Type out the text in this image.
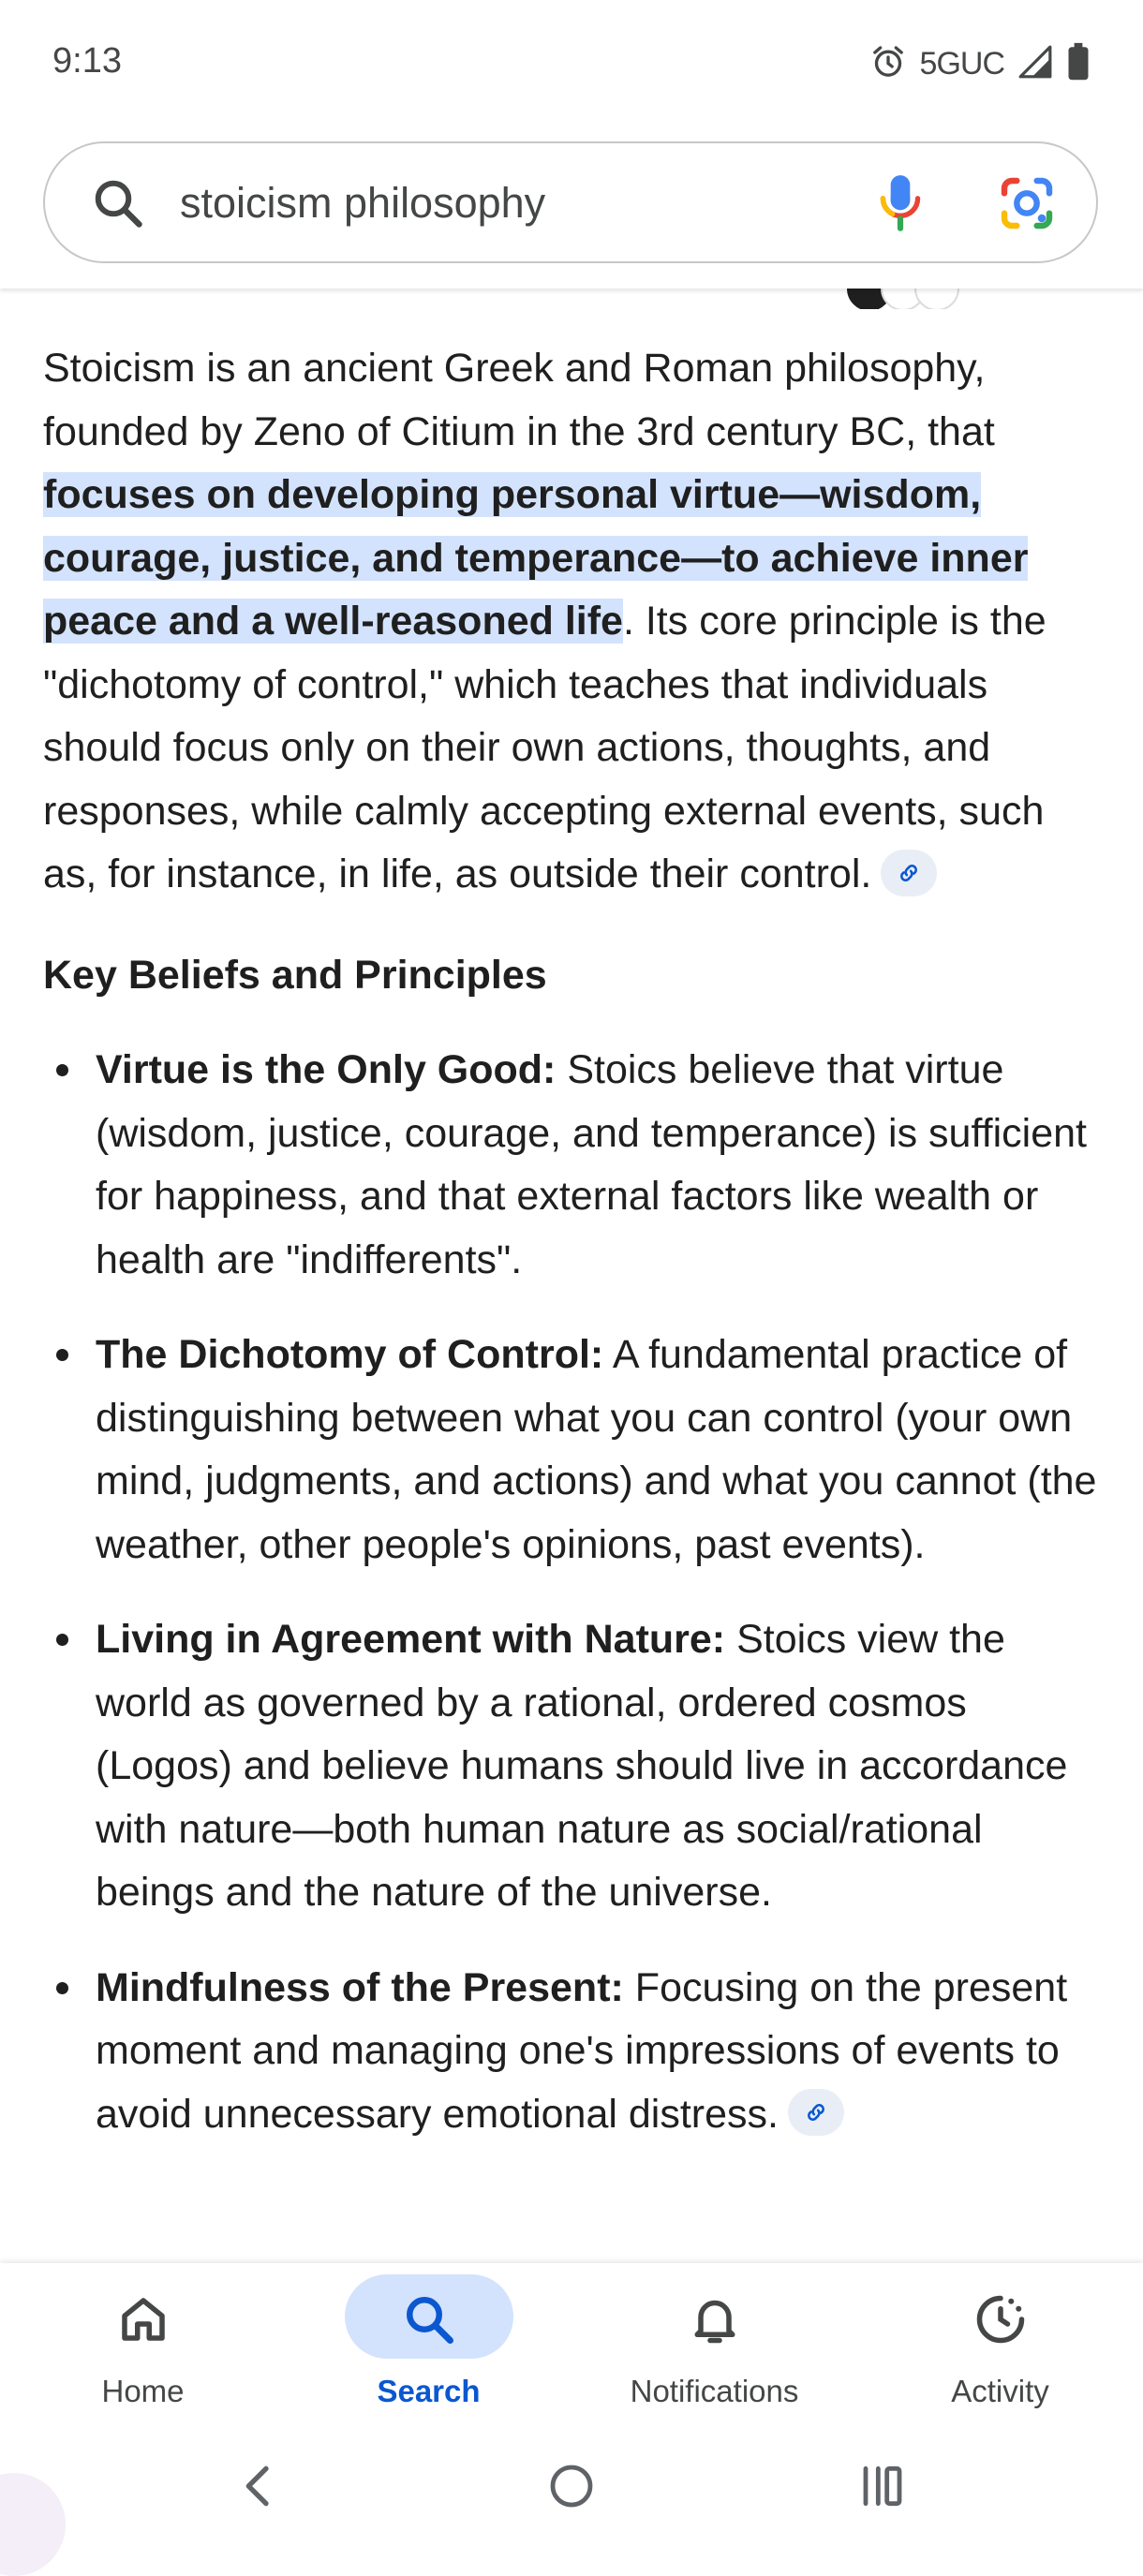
9:13	5GUC
stoicism philosophy

Stoicism is an ancient Greek and Roman philosophy, founded by Zeno of Citium in the 3rd century BC, that focuses on developing personal virtue—wisdom, courage, justice, and temperance—to achieve inner peace and a well-reasoned life. Its core principle is the "dichotomy of control," which teaches that individuals should focus only on their own actions, thoughts, and responses, while calmly accepting external events, such as, for instance, in life, as outside their control.

Key Beliefs and Principles
Virtue is the Only Good: Stoics believe that virtue (wisdom, justice, courage, and temperance) is sufficient for happiness, and that external factors like wealth or health are "indifferents".
The Dichotomy of Control: A fundamental practice of distinguishing between what you can control (your own mind, judgments, and actions) and what you cannot (the weather, other people's opinions, past events).
Living in Agreement with Nature: Stoics view the world as governed by a rational, ordered cosmos (Logos) and believe humans should live in accordance with nature—both human nature as social/rational beings and the nature of the universe.
Mindfulness of the Present: Focusing on the present moment and managing one's impressions of events to avoid unnecessary emotional distress.
Home	Search	Notifications	Activity
